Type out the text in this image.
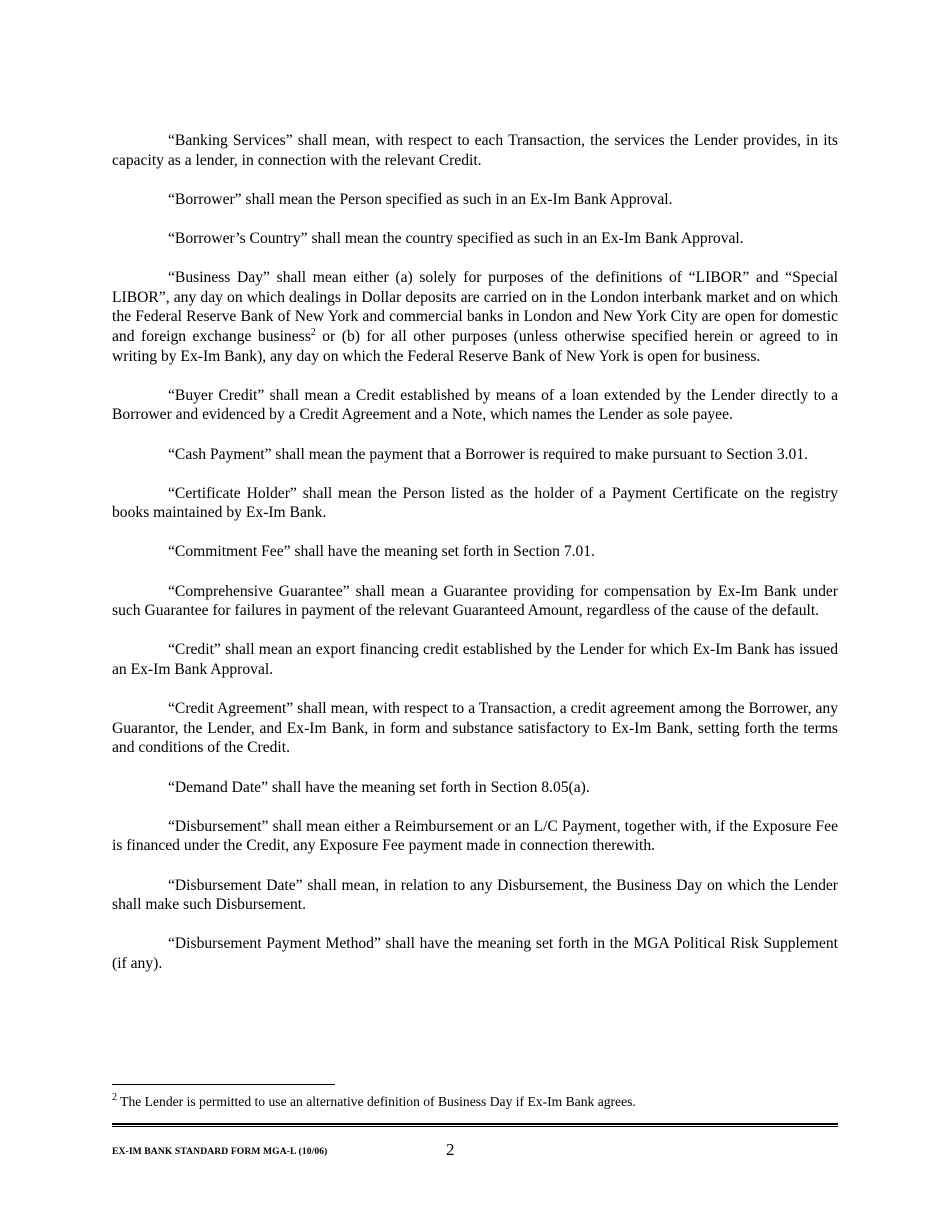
“Banking Services” shall mean, with respect to each Transaction, the services the Lender provides, in its capacity as a lender, in connection with the relevant Credit.

“Borrower” shall mean the Person specified as such in an Ex-Im Bank Approval.

“Borrower’s Country” shall mean the country specified as such in an Ex-Im Bank Approval.

“Business Day” shall mean either (a) solely for purposes of the definitions of “LIBOR” and “Special LIBOR”, any day on which dealings in Dollar deposits are carried on in the London interbank market and on which the Federal Reserve Bank of New York and commercial banks in London and New York City are open for domestic and foreign exchange business$^2$ or (b) for all other purposes (unless otherwise specified herein or agreed to in writing by Ex-Im Bank), any day on which the Federal Reserve Bank of New York is open for business.

“Buyer Credit” shall mean a Credit established by means of a loan extended by the Lender directly to a Borrower and evidenced by a Credit Agreement and a Note, which names the Lender as sole payee.

“Cash Payment” shall mean the payment that a Borrower is required to make pursuant to Section 3.01.

“Certificate Holder” shall mean the Person listed as the holder of a Payment Certificate on the registry books maintained by Ex-Im Bank.

“Commitment Fee” shall have the meaning set forth in Section 7.01.

“Comprehensive Guarantee” shall mean a Guarantee providing for compensation by Ex-Im Bank under such Guarantee for failures in payment of the relevant Guaranteed Amount, regardless of the cause of the default.

“Credit” shall mean an export financing credit established by the Lender for which Ex-Im Bank has issued an Ex-Im Bank Approval.

“Credit Agreement” shall mean, with respect to a Transaction, a credit agreement among the Borrower, any Guarantor, the Lender, and Ex-Im Bank, in form and substance satisfactory to Ex-Im Bank, setting forth the terms and conditions of the Credit.

“Demand Date” shall have the meaning set forth in Section 8.05(a).

“Disbursement” shall mean either a Reimbursement or an L/C Payment, together with, if the Exposure Fee is financed under the Credit, any Exposure Fee payment made in connection therewith.

“Disbursement Date” shall mean, in relation to any Disbursement, the Business Day on which the Lender shall make such Disbursement.

“Disbursement Payment Method” shall have the meaning set forth in the MGA Political Risk Supplement (if any).

$^2$ The Lender is permitted to use an alternative definition of Business Day if Ex-Im Bank agrees.
EX-IM BANK STANDARD FORM MGA-L (10/06)	2
